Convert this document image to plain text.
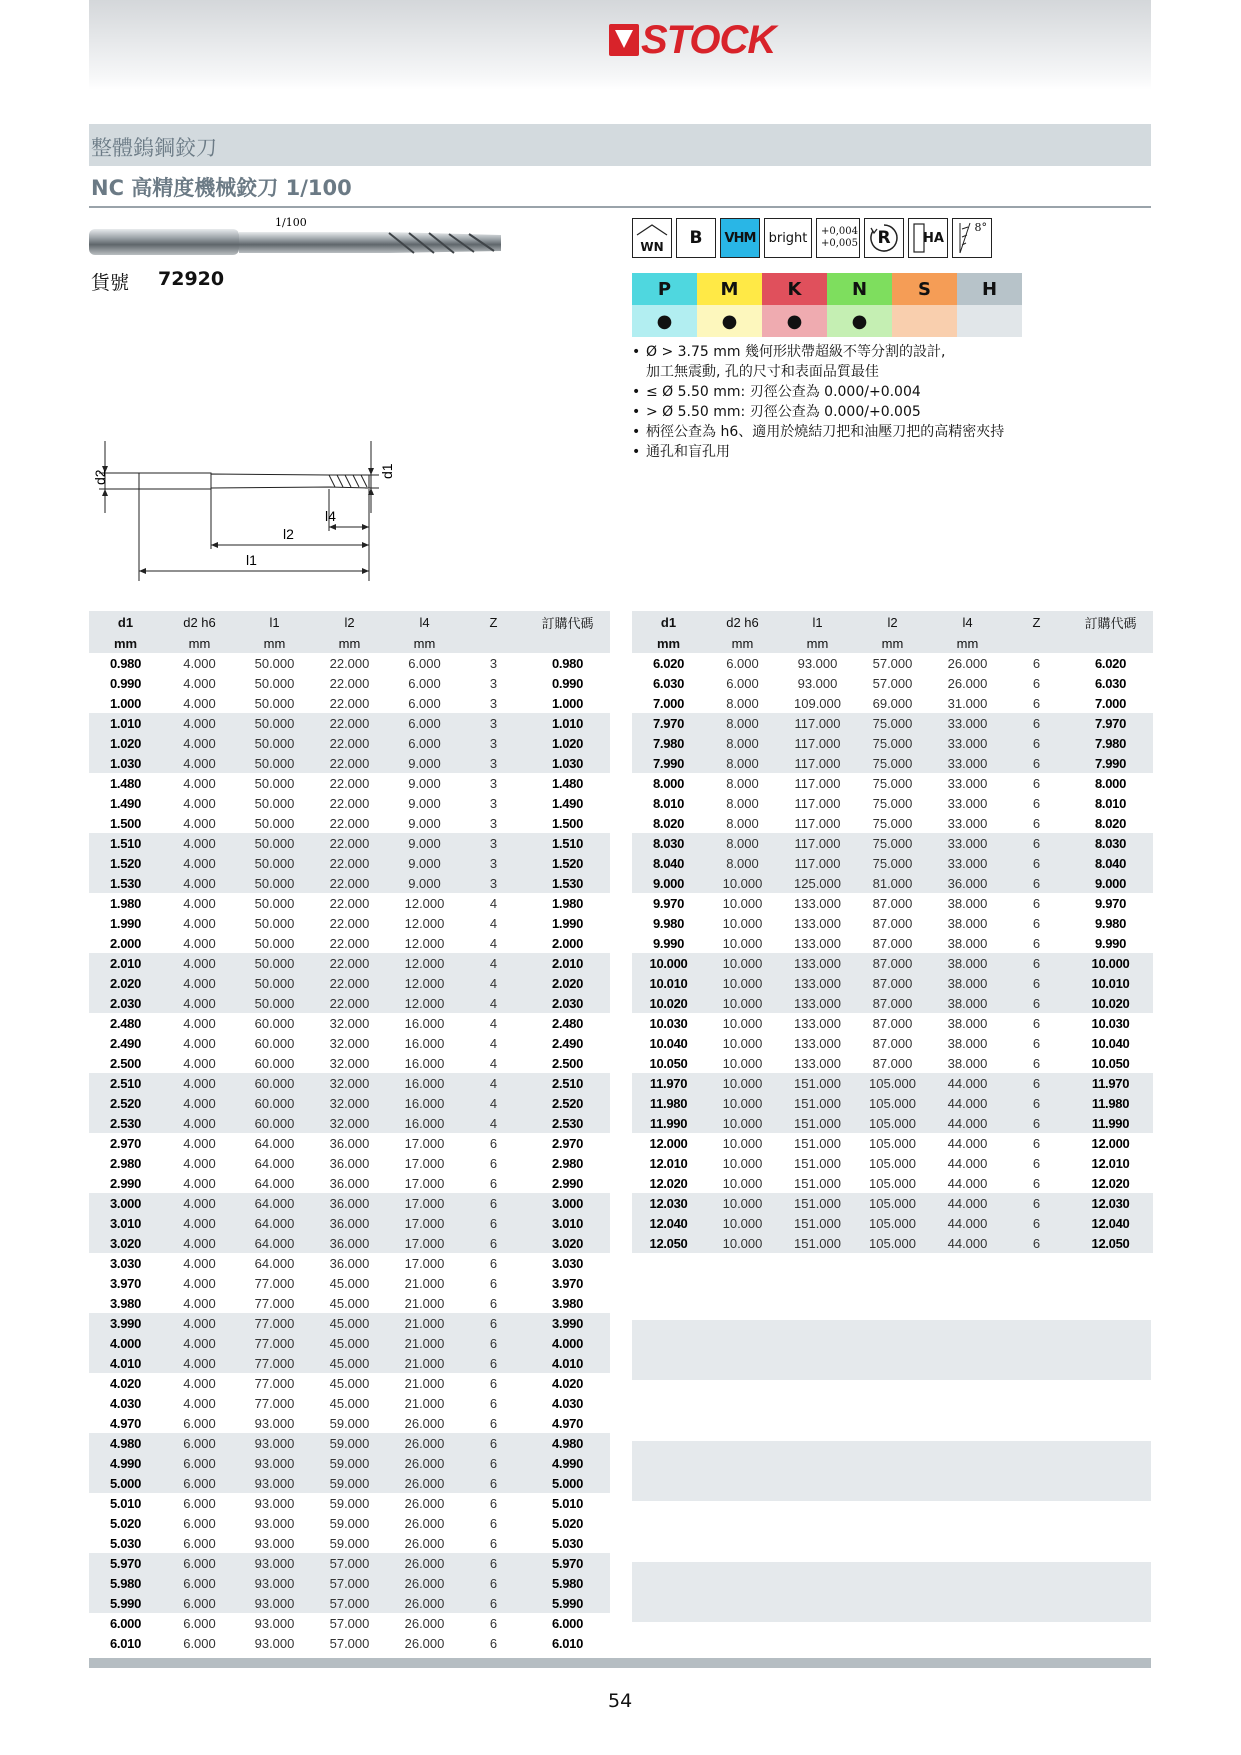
STOCK
整體鎢鋼鉸刀
NC 高精度機械鉸刀 1/100
1/100
貨號 72920
WN B VHM bright +0,004 +0,005 R	HA
8°
P	M	K	N	S	H
●	●	●	●
• Ø > 3.75 mm 幾何形狀帶超級不等分割的設計,
加工無震動, 孔的尺寸和表面品質最佳
• ≤ Ø 5.50 mm: 刃徑公查為 0.000/+0.004
• > Ø 5.50 mm: 刃徑公查為 0.000/+0.005
• 柄徑公查為 h6、適用於燒結刀把和油壓刀把的高精密夾持
• 通孔和盲孔用
d2	d1
l4
l2
l1
d1	d2 h6	l1	l2	l4	Z	訂購代碼
mm	mm	mm	mm	mm		
0.980	4.000	50.000	22.000	6.000	3	0.980
0.990	4.000	50.000	22.000	6.000	3	0.990
1.000	4.000	50.000	22.000	6.000	3	1.000
1.010	4.000	50.000	22.000	6.000	3	1.010
1.020	4.000	50.000	22.000	6.000	3	1.020
1.030	4.000	50.000	22.000	9.000	3	1.030
1.480	4.000	50.000	22.000	9.000	3	1.480
1.490	4.000	50.000	22.000	9.000	3	1.490
1.500	4.000	50.000	22.000	9.000	3	1.500
1.510	4.000	50.000	22.000	9.000	3	1.510
1.520	4.000	50.000	22.000	9.000	3	1.520
1.530	4.000	50.000	22.000	9.000	3	1.530
1.980	4.000	50.000	22.000	12.000	4	1.980
1.990	4.000	50.000	22.000	12.000	4	1.990
2.000	4.000	50.000	22.000	12.000	4	2.000
2.010	4.000	50.000	22.000	12.000	4	2.010
2.020	4.000	50.000	22.000	12.000	4	2.020
2.030	4.000	50.000	22.000	12.000	4	2.030
2.480	4.000	60.000	32.000	16.000	4	2.480
2.490	4.000	60.000	32.000	16.000	4	2.490
2.500	4.000	60.000	32.000	16.000	4	2.500
2.510	4.000	60.000	32.000	16.000	4	2.510
2.520	4.000	60.000	32.000	16.000	4	2.520
2.530	4.000	60.000	32.000	16.000	4	2.530
2.970	4.000	64.000	36.000	17.000	6	2.970
2.980	4.000	64.000	36.000	17.000	6	2.980
2.990	4.000	64.000	36.000	17.000	6	2.990
3.000	4.000	64.000	36.000	17.000	6	3.000
3.010	4.000	64.000	36.000	17.000	6	3.010
3.020	4.000	64.000	36.000	17.000	6	3.020
3.030	4.000	64.000	36.000	17.000	6	3.030
3.970	4.000	77.000	45.000	21.000	6	3.970
3.980	4.000	77.000	45.000	21.000	6	3.980
3.990	4.000	77.000	45.000	21.000	6	3.990
4.000	4.000	77.000	45.000	21.000	6	4.000
4.010	4.000	77.000	45.000	21.000	6	4.010
4.020	4.000	77.000	45.000	21.000	6	4.020
4.030	4.000	77.000	45.000	21.000	6	4.030
4.970	6.000	93.000	59.000	26.000	6	4.970
4.980	6.000	93.000	59.000	26.000	6	4.980
4.990	6.000	93.000	59.000	26.000	6	4.990
5.000	6.000	93.000	59.000	26.000	6	5.000
5.010	6.000	93.000	59.000	26.000	6	5.010
5.020	6.000	93.000	59.000	26.000	6	5.020
5.030	6.000	93.000	59.000	26.000	6	5.030
5.970	6.000	93.000	57.000	26.000	6	5.970
5.980	6.000	93.000	57.000	26.000	6	5.980
5.990	6.000	93.000	57.000	26.000	6	5.990
6.000	6.000	93.000	57.000	26.000	6	6.000
6.010	6.000	93.000	57.000	26.000	6	6.010
d1	d2 h6	l1	l2	l4	Z	訂購代碼
mm	mm	mm	mm	mm		
6.020	6.000	93.000	57.000	26.000	6	6.020
6.030	6.000	93.000	57.000	26.000	6	6.030
7.000	8.000	109.000	69.000	31.000	6	7.000
7.970	8.000	117.000	75.000	33.000	6	7.970
7.980	8.000	117.000	75.000	33.000	6	7.980
7.990	8.000	117.000	75.000	33.000	6	7.990
8.000	8.000	117.000	75.000	33.000	6	8.000
8.010	8.000	117.000	75.000	33.000	6	8.010
8.020	8.000	117.000	75.000	33.000	6	8.020
8.030	8.000	117.000	75.000	33.000	6	8.030
8.040	8.000	117.000	75.000	33.000	6	8.040
9.000	10.000	125.000	81.000	36.000	6	9.000
9.970	10.000	133.000	87.000	38.000	6	9.970
9.980	10.000	133.000	87.000	38.000	6	9.980
9.990	10.000	133.000	87.000	38.000	6	9.990
10.000	10.000	133.000	87.000	38.000	6	10.000
10.010	10.000	133.000	87.000	38.000	6	10.010
10.020	10.000	133.000	87.000	38.000	6	10.020
10.030	10.000	133.000	87.000	38.000	6	10.030
10.040	10.000	133.000	87.000	38.000	6	10.040
10.050	10.000	133.000	87.000	38.000	6	10.050
11.970	10.000	151.000	105.000	44.000	6	11.970
11.980	10.000	151.000	105.000	44.000	6	11.980
11.990	10.000	151.000	105.000	44.000	6	11.990
12.000	10.000	151.000	105.000	44.000	6	12.000
12.010	10.000	151.000	105.000	44.000	6	12.010
12.020	10.000	151.000	105.000	44.000	6	12.020
12.030	10.000	151.000	105.000	44.000	6	12.030
12.040	10.000	151.000	105.000	44.000	6	12.040
12.050	10.000	151.000	105.000	44.000	6	12.050
54
